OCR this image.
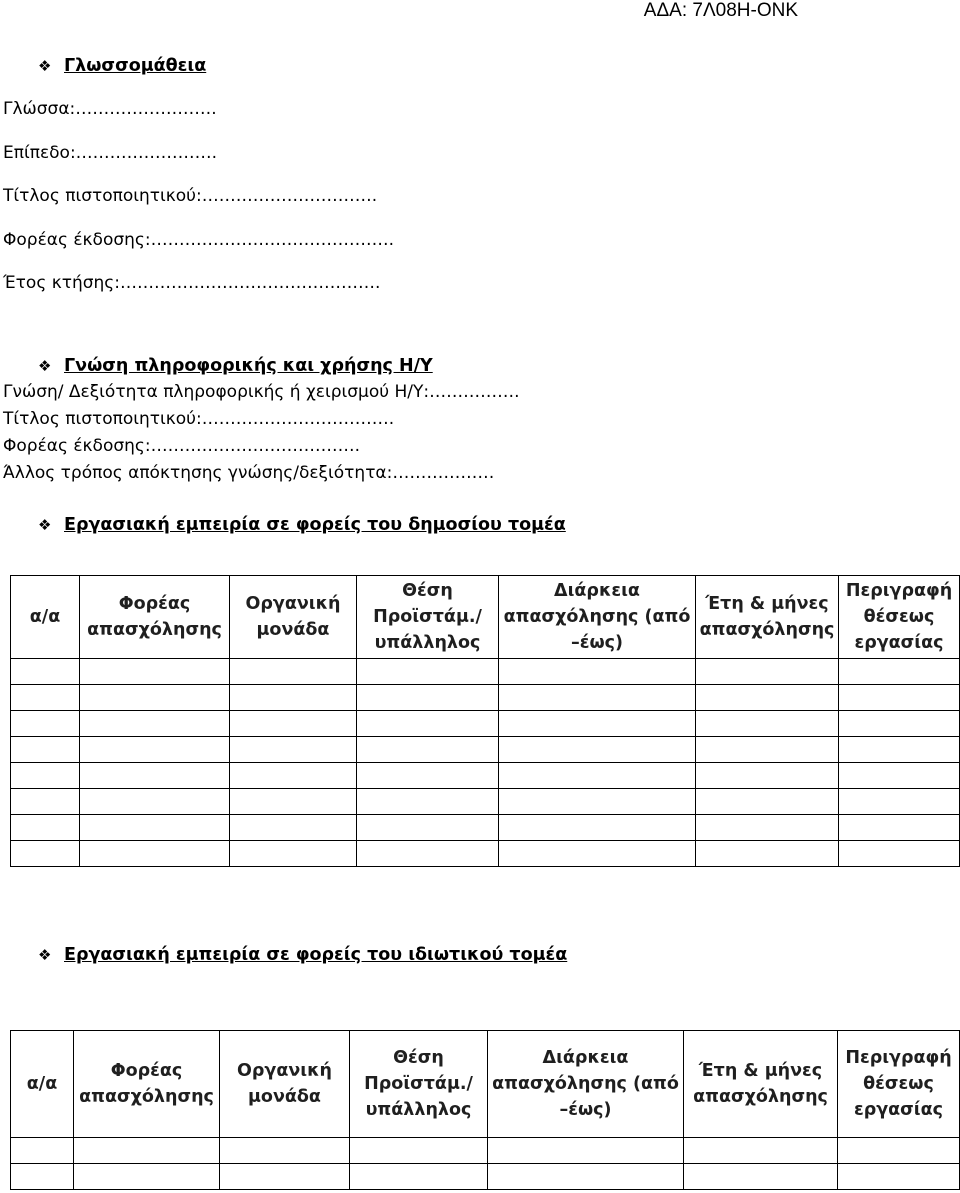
ΑΔΑ: 7Λ08Η-ΟΝΚ
❖ Γλωσσομάθεια
Γλώσσα:…………………….
Επίπεδο:…………………….
Τίτλος πιστοποιητικού:………………………….
Φορέας έκδοσης:…………………………………….
Έτος κτήσης:……………………………………….
❖ Γνώση πληροφορικής και χρήσης Η/Υ
Γνώση/ Δεξιότητα πληροφορικής ή χειρισμού Η/Υ:…………….
Τίτλος πιστοποιητικού:…………………………….
Φορέας έκδοσης:……………………………….
Άλλος τρόπος απόκτησης γνώσης/δεξιότητα:………………
❖ Εργασιακή εμπειρία σε φορείς του δημοσίου τομέα
α/α	Φορέας απασχόλησης	Οργανική μονάδα	Θέση Προϊστάμ./ υπάλληλος	Διάρκεια απασχόλησης (από –έως)	Έτη & μήνες απασχόλησης	Περιγραφή θέσεως εργασίας

❖ Εργασιακή εμπειρία σε φορείς του ιδιωτικού τομέα
α/α	Φορέας απασχόλησης	Οργανική μονάδα	Θέση Προϊστάμ./ υπάλληλος	Διάρκεια απασχόλησης (από –έως)	Έτη & μήνες απασχόλησης	Περιγραφή θέσεως εργασίας
